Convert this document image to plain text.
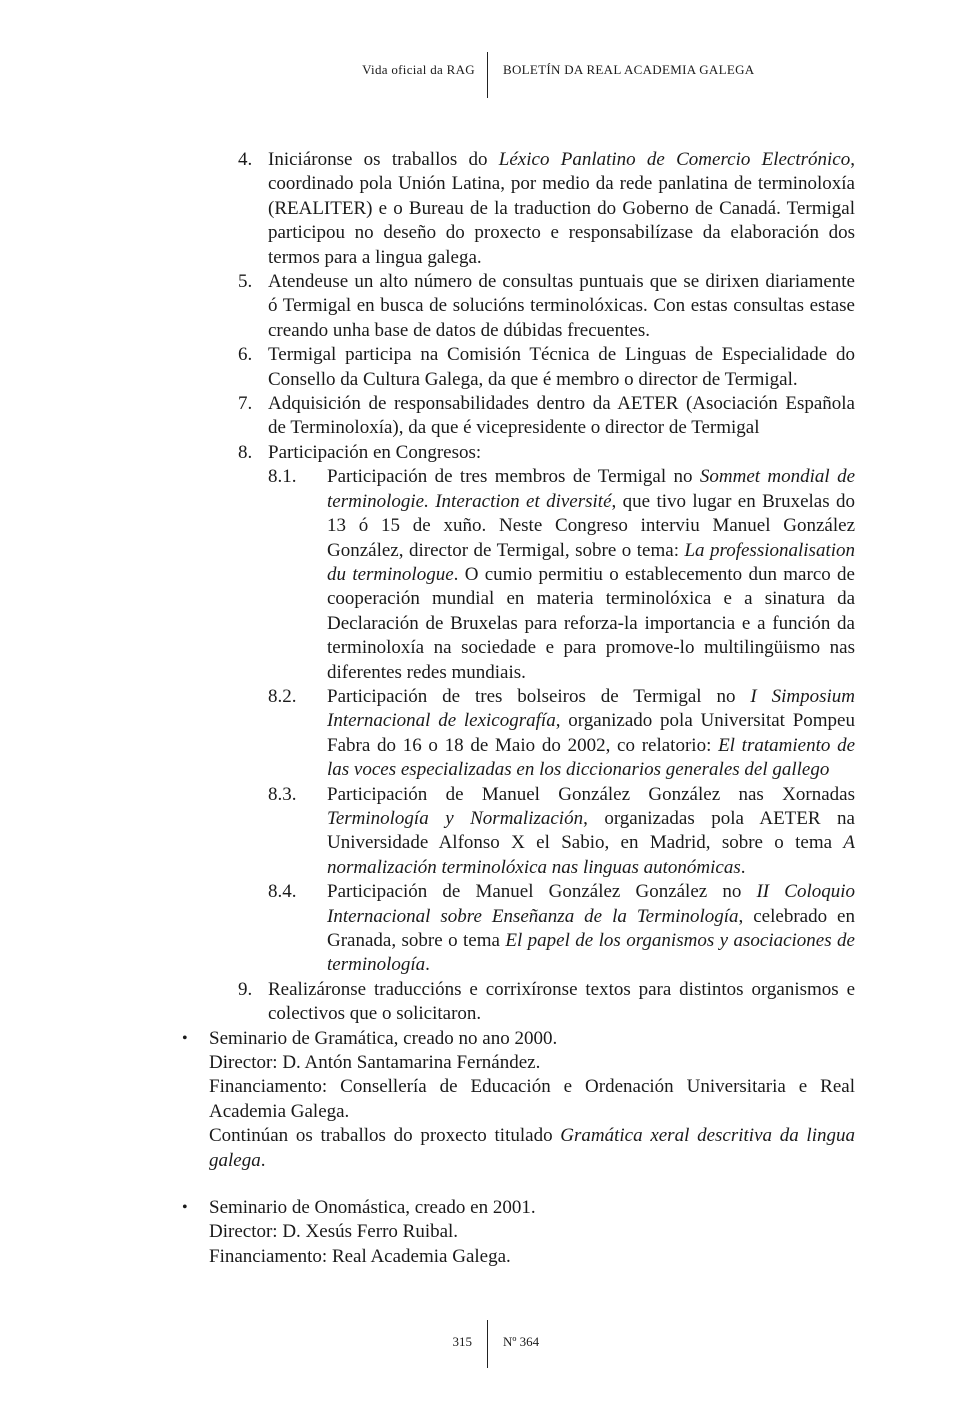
Vida oficial da RAG BOLETÍN DA REAL ACADEMIA GALEGA
4. Iniciáronse os traballos do Léxico Panlatino de Comercio Electrónico, coordinado pola Unión Latina, por medio da rede panlatina de terminoloxía (REALITER) e o Bureau de la traduction do Goberno de Canadá. Termigal participou no deseño do proxecto e responsabilízase da elaboración dos termos para a lingua galega.
5. Atendeuse un alto número de consultas puntuais que se dirixen diariamente ó Termigal en busca de solucións terminolóxicas. Con estas consultas estase creando unha base de datos de dúbidas frecuentes.
6. Termigal participa na Comisión Técnica de Linguas de Especialidade do Consello da Cultura Galega, da que é membro o director de Termigal.
7. Adquisición de responsabilidades dentro da AETER (Asociación Española de Terminoloxía), da que é vicepresidente o director de Termigal
8. Participación en Congresos:
8.1. Participación de tres membros de Termigal no Sommet mondial de terminologie. Interaction et diversité, que tivo lugar en Bruxelas do 13 ó 15 de xuño. Neste Congreso interviu Manuel González González, director de Termigal, sobre o tema: La professionalisation du terminologue. O cumio permitiu o establecemento dun marco de cooperación mundial en materia terminolóxica e a sinatura da Declaración de Bruxelas para reforza-la importancia e a función da terminoloxía na sociedade e para promove-lo multilingüismo nas diferentes redes mundiais.
8.2. Participación de tres bolseiros de Termigal no I Simposium Internacional de lexicografía, organizado pola Universitat Pompeu Fabra do 16 o 18 de Maio do 2002, co relatorio: El tratamiento de las voces especializadas en los diccionarios generales del gallego
8.3. Participación de Manuel González González nas Xornadas Terminología y Normalización, organizadas pola AETER na Universidade Alfonso X el Sabio, en Madrid, sobre o tema A normalización terminolóxica nas linguas autonómicas.
8.4. Participación de Manuel González González no II Coloquio Internacional sobre Enseñanza de la Terminología, celebrado en Granada, sobre o tema El papel de los organismos y asociaciones de terminología.
9. Realizáronse traduccións e corrixíronse textos para distintos organismos e colectivos que o solicitaron.
• Seminario de Gramática, creado no ano 2000.
Director: D. Antón Santamarina Fernández.
Financiamento: Consellería de Educación e Ordenación Universitaria e Real Academia Galega.
Continúan os traballos do proxecto titulado Gramática xeral descritiva da lingua galega.
• Seminario de Onomástica, creado en 2001.
Director: D. Xesús Ferro Ruibal.
Financiamento: Real Academia Galega.
315 Nº 364
